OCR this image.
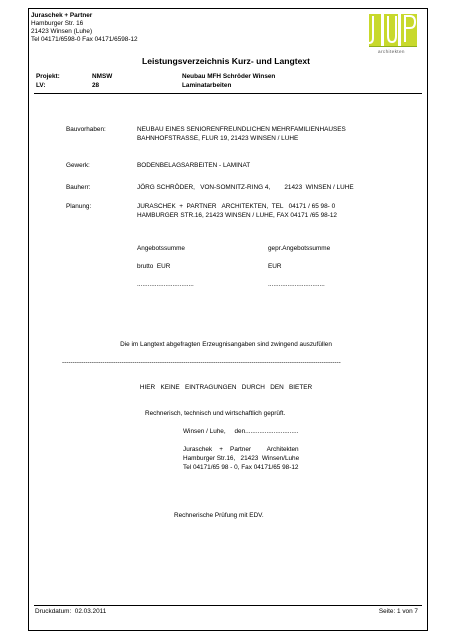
Juraschek + Partner
Hamburger Str. 16
21423 Winsen (Luhe)
Tel 04171/6598-0 Fax 04171/6598-12
architekten
Leistungsverzeichnis Kurz- und Langtext
Projekt:	NMSW	Neubau MFH Schröder Winsen
LV:	28	Laminatarbeiten
Bauvorhaben:	NEUBAU EINES SENIORENFREUNDLICHEN MEHRFAMILIENHAUSES
BAHNHOFSTRASSE, FLUR 19, 21423 WINSEN / LUHE
Gewerk:	BODENBELAGSARBEITEN - LAMINAT
Bauherr:	JÖRG SCHRÖDER,   VON-SOMNITZ-RING 4,        21423  WINSEN / LUHE
Planung:	JURASCHEK  +  PARTNER   ARCHITEKTEN,  TEL   04171 / 65 98- 0
HAMBURGER STR.16, 21423 WINSEN / LUHE, FAX 04171 /65 98-12
Angebotssumme	gepr.Angebotssumme
brutto  EUR	EUR
................................	................................
Die im Langtext abgefragten Erzeugnisangaben sind zwingend auszufüllen
-----------------------------------------------------------------------------------------------------------------------------------
HIER   KEINE   EINTRAGUNGEN   DURCH   DEN   BIETER
Rechnerisch, technisch und wirtschaftlich geprüft.
Winsen / Luhe,     den..............................
Juraschek    +    Partner         Architekten
Hamburger Str.16,   21423  Winsen/Luhe
Tel 04171/65 98 - 0, Fax 04171/65 98-12
Rechnerische Prüfung mit EDV.
Druckdatum:  02.03.2011	Seite: 1 von 7
